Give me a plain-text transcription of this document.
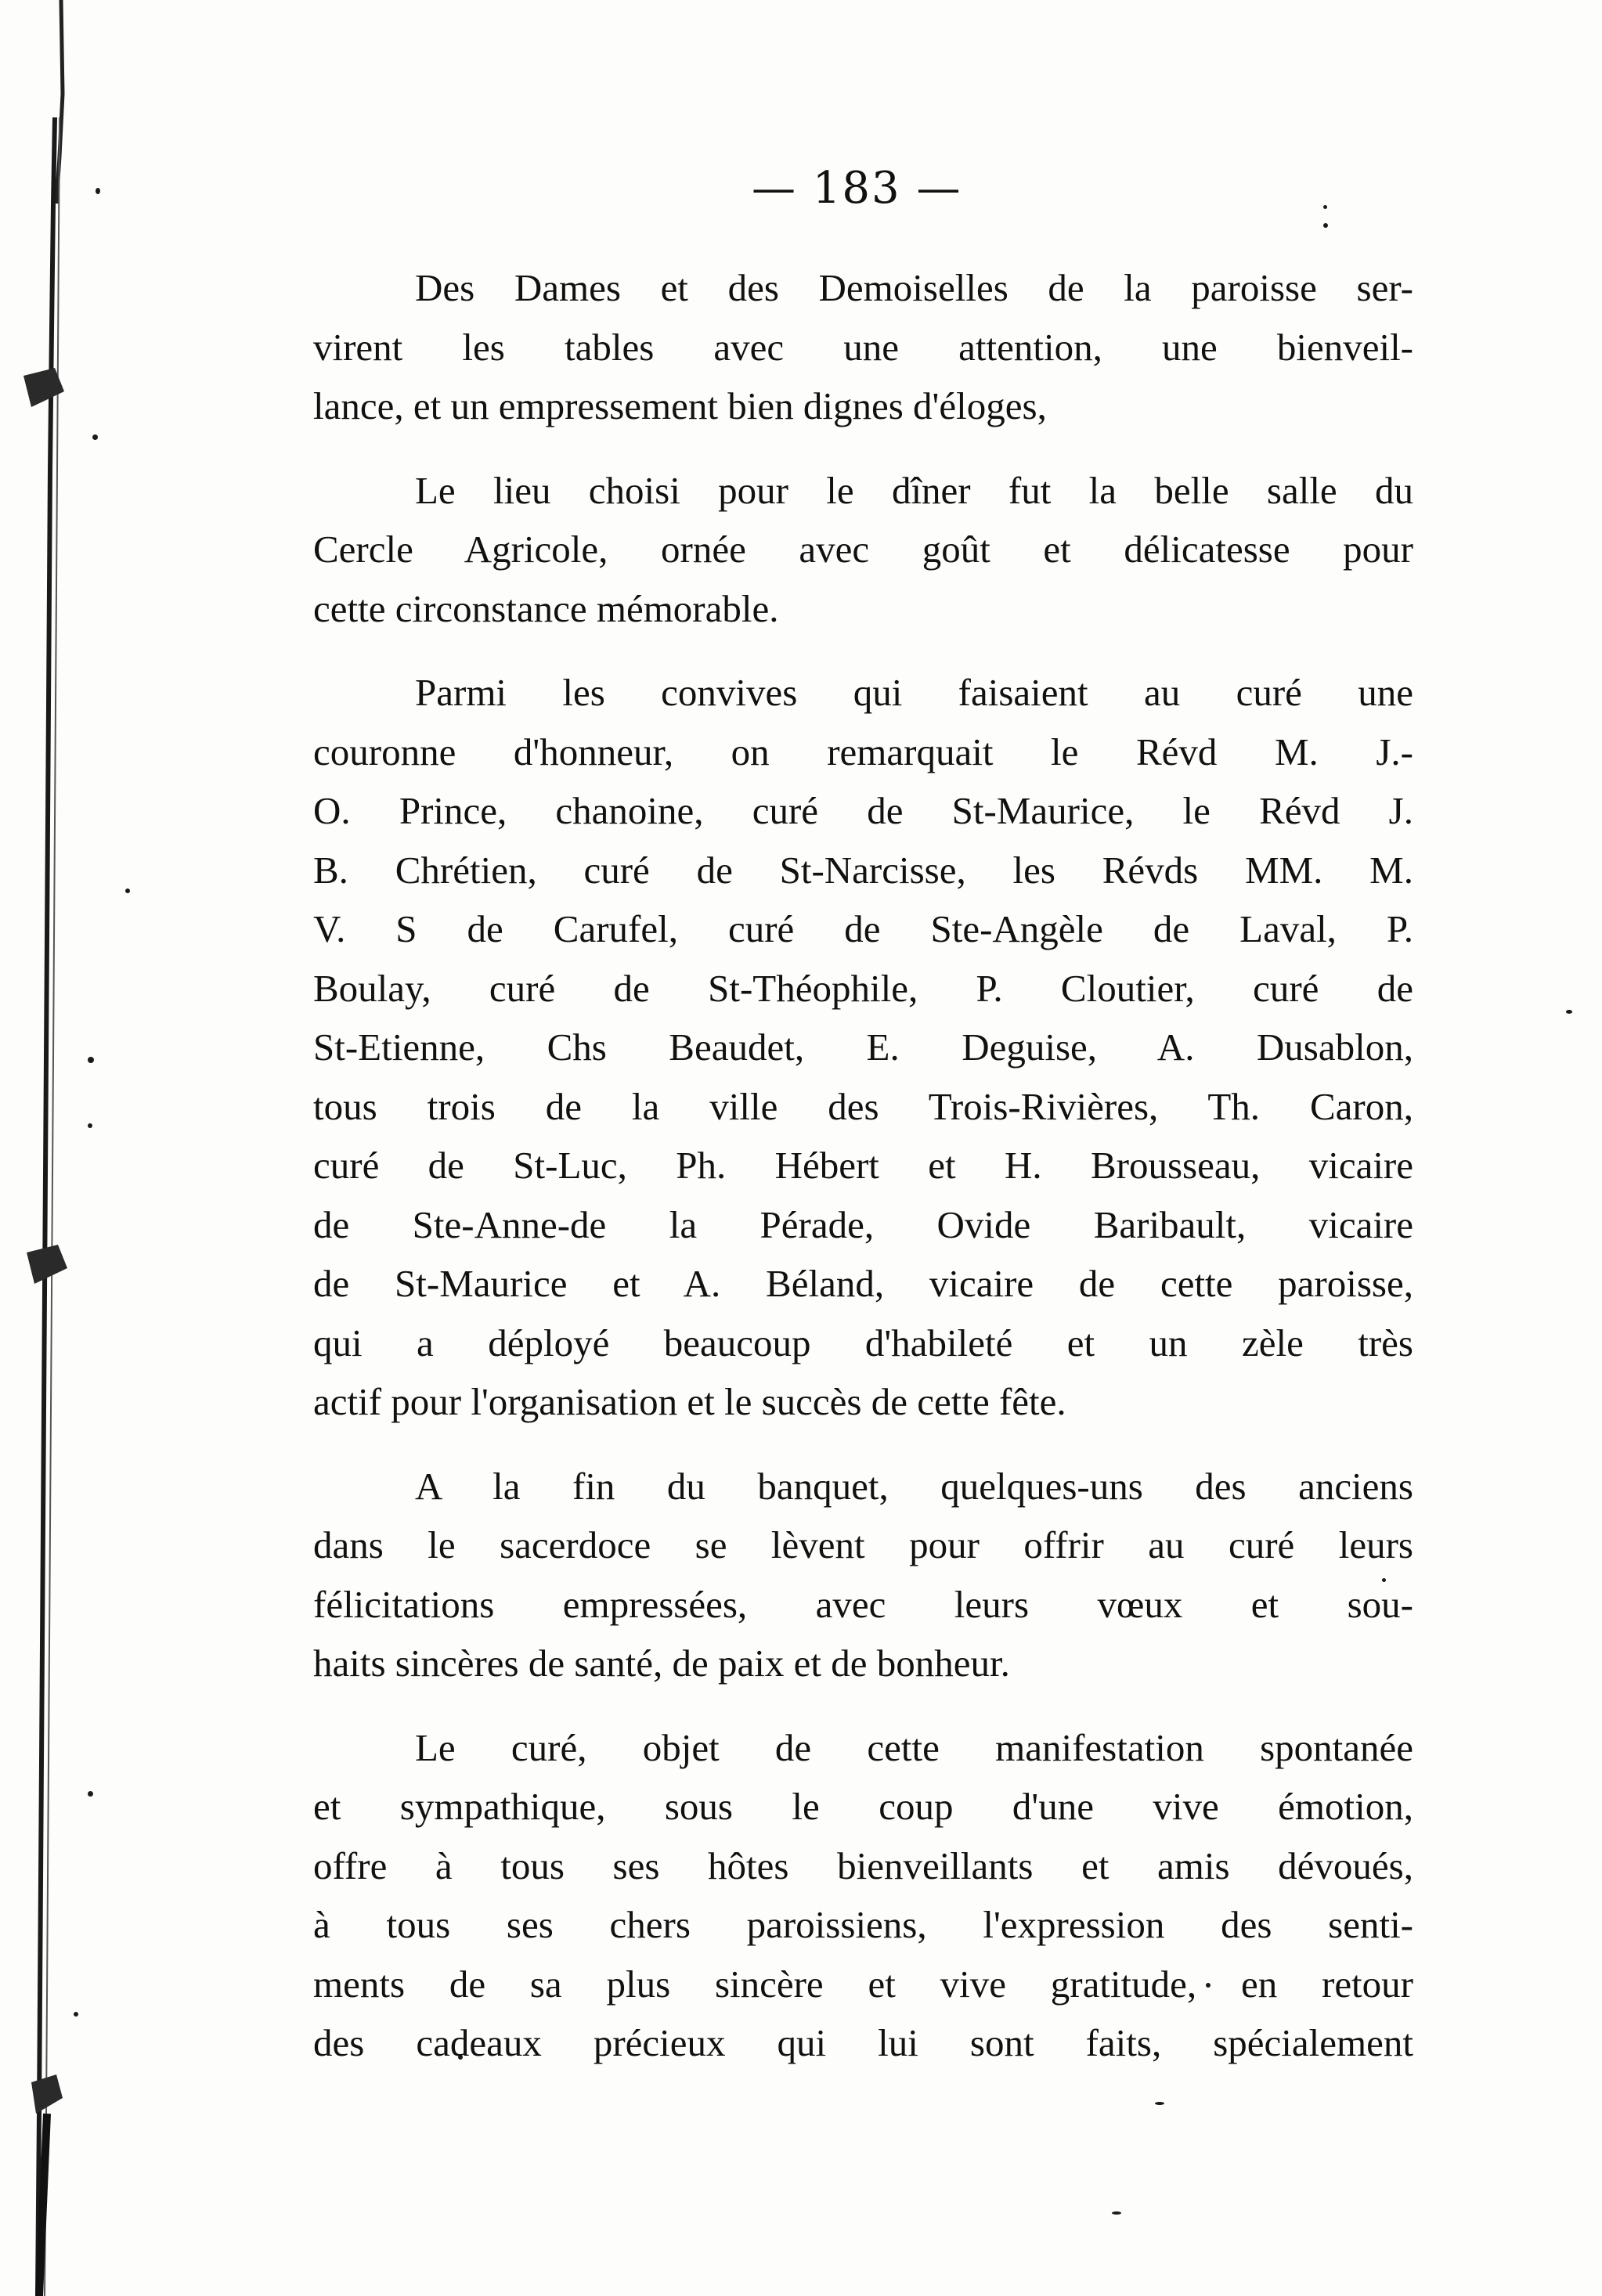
— 183 —

Des Dames et des Demoiselles de la paroisse ser-
virent les tables avec une attention, une bienveil-
lance, et un empressement bien dignes d'éloges,

Le lieu choisi pour le dîner fut la belle salle du
Cercle Agricole, ornée avec goût et délicatesse pour
cette circonstance mémorable.

Parmi les convives qui faisaient au curé une
couronne d'honneur, on remarquait le Révd M. J.-
O. Prince, chanoine, curé de St-Maurice, le Révd J.
B. Chrétien, curé de St-Narcisse, les Révds MM. M.
V. S de Carufel, curé de Ste-Angèle de Laval, P.
Boulay, curé de St-Théophile, P. Cloutier, curé de
St-Etienne, Chs Beaudet, E. Deguise, A. Dusablon,
tous trois de la ville des Trois-Rivières, Th. Caron,
curé de St-Luc, Ph. Hébert et H. Brousseau, vicaire
de Ste-Anne-de la Pérade, Ovide Baribault, vicaire
de St-Maurice et A. Béland, vicaire de cette paroisse,
qui a déployé beaucoup d'habileté et un zèle très
actif pour l'organisation et le succès de cette fête.

A la fin du banquet, quelques-uns des anciens
dans le sacerdoce se lèvent pour offrir au curé leurs
félicitations empressées, avec leurs vœux et sou-
haits sincères de santé, de paix et de bonheur.

Le curé, objet de cette manifestation spontanée
et sympathique, sous le coup d'une vive émotion,
offre à tous ses hôtes bienveillants et amis dévoués,
à tous ses chers paroissiens, l'expression des senti-
ments de sa plus sincère et vive gratitude, en retour
des cadeaux précieux qui lui sont faits, spécialement
